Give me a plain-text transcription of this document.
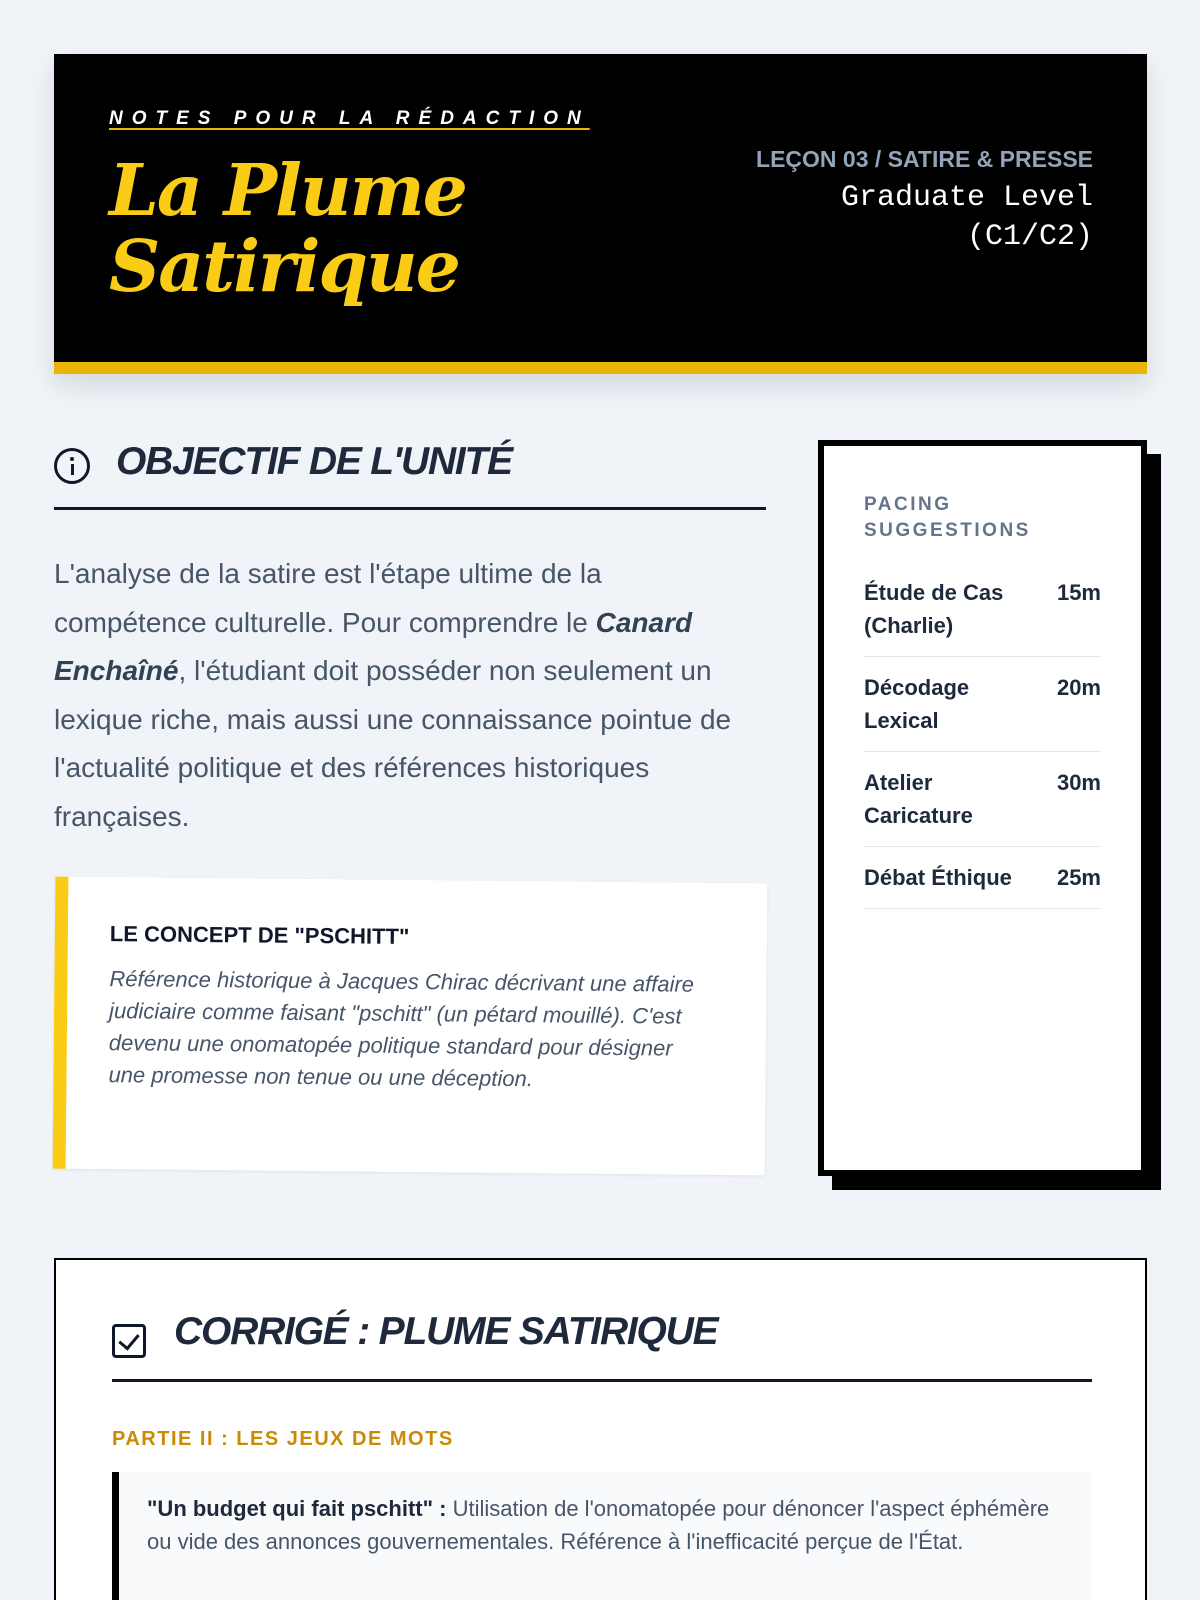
NOTES POUR LA RÉDACTION
La Plume Satirique
LEÇON 03 / SATIRE & PRESSE
Graduate Level (C1/C2)
OBJECTIF DE L'UNITÉ

L'analyse de la satire est l'étape ultime de la compétence culturelle. Pour comprendre le Canard Enchaîné, l'étudiant doit posséder non seulement un lexique riche, mais aussi une connaissance pointue de l'actualité politique et des références historiques françaises.

LE CONCEPT DE "PSCHITT"

Référence historique à Jacques Chirac décrivant une affaire judiciaire comme faisant "pschitt" (un pétard mouillé). C'est devenu une onomatopée politique standard pour désigner une promesse non tenue ou une déception.

PACING SUGGESTIONS
Étude de Cas (Charlie)
15m
Décodage Lexical
20m
Atelier Caricature
30m
Débat Éthique	25m
CORRIGÉ : PLUME SATIRIQUE
PARTIE II : LES JEUX DE MOTS
"Un budget qui fait pschitt" : Utilisation de l'onomatopée pour dénoncer l'aspect éphémère ou vide des annonces gouvernementales. Référence à l'inefficacité perçue de l'État.
